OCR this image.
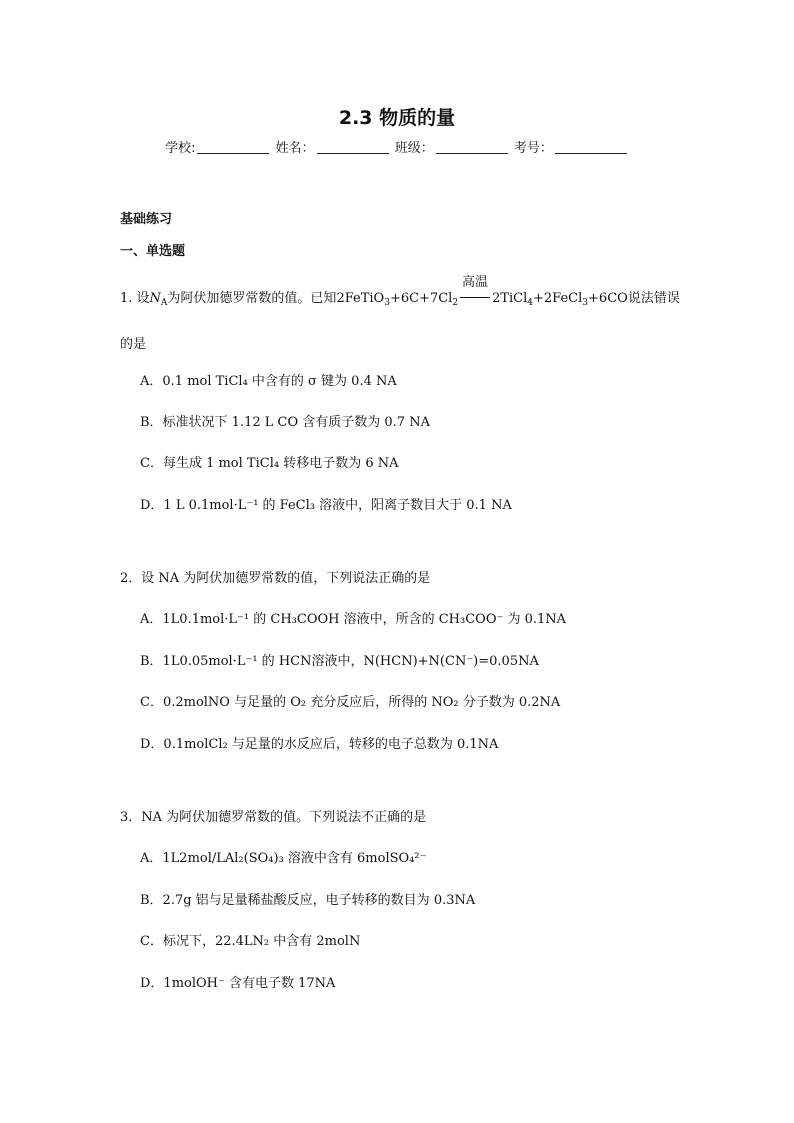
2.3 物质的量
学校:	姓名：	班级：	考号：
基础练习
一、单选题
1. 设$N_A$为阿伏加德罗常数的值。已知$2FeTiO_3+6C+7Cl_2$
高温
2TiCl$_4$+2FeCl$_3$+6CO说法错误
的是
A．0.1 mol TiCl₄ 中含有的 σ 键为 0.4 NA
B．标准状况下 1.12 L CO 含有质子数为 0.7 NA
C．每生成 1 mol TiCl₄ 转移电子数为 6 NA
D．1 L 0.1mol·L⁻¹ 的 FeCl₃ 溶液中，阳离子数目大于 0.1 NA
2．设 NA 为阿伏加德罗常数的值，下列说法正确的是
A．1L0.1mol·L⁻¹ 的 CH₃COOH 溶液中，所含的 CH₃COO⁻ 为 0.1NA
B．1L0.05mol·L⁻¹ 的 HCN溶液中，N(HCN)+N(CN⁻)=0.05NA
C．0.2molNO 与足量的 O₂ 充分反应后，所得的 NO₂ 分子数为 0.2NA
D．0.1molCl₂ 与足量的水反应后，转移的电子总数为 0.1NA
3．NA 为阿伏加德罗常数的值。下列说法不正确的是
A．1L2mol/LAl₂(SO₄)₃ 溶液中含有 6molSO₄²⁻
B．2.7g 铝与足量稀盐酸反应，电子转移的数目为 0.3NA
C．标况下，22.4LN₂ 中含有 2molN
D．1molOH⁻ 含有电子数 17NA
